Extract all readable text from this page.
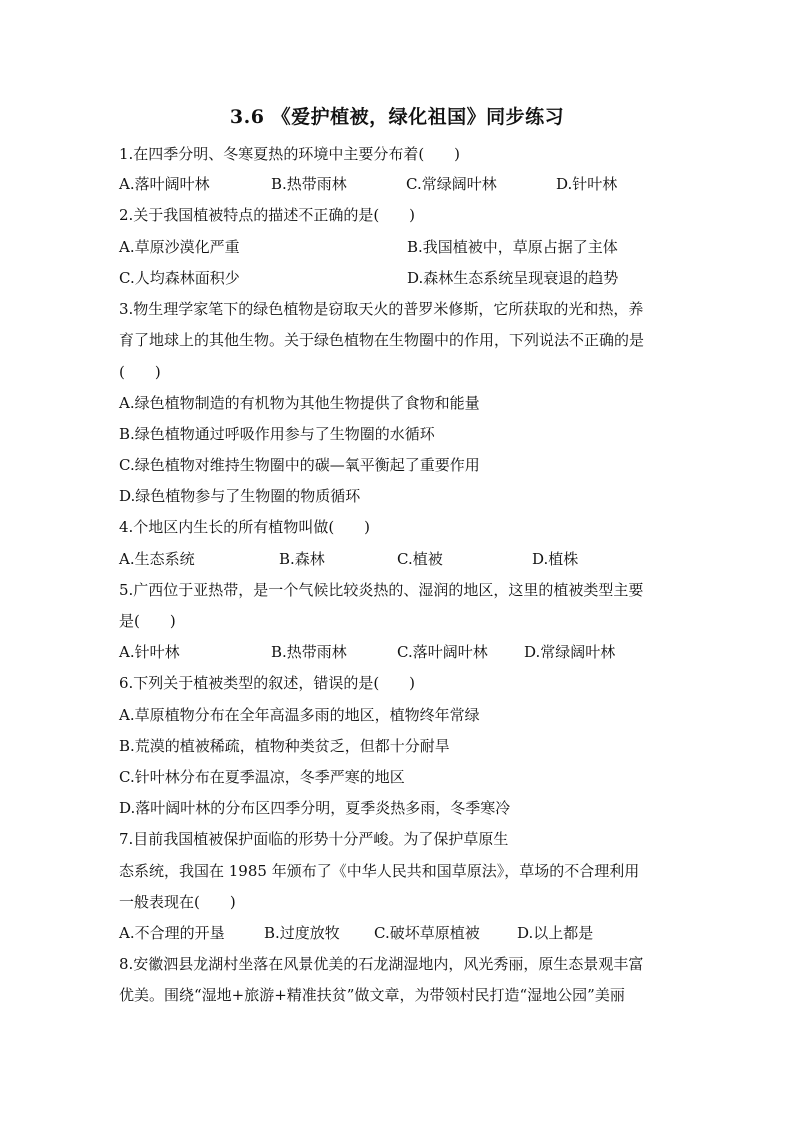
3.6 《爱护植被，绿化祖国》同步练习
1.在四季分明、冬寒夏热的环境中主要分布着(　　)
A.落叶阔叶林	B.热带雨林	C.常绿阔叶林	D.针叶林
2.关于我国植被特点的描述不正确的是(　　)
A.草原沙漠化严重	B.我国植被中，草原占据了主体
C.人均森林面积少	D.森林生态系统呈现衰退的趋势
3.物生理学家笔下的绿色植物是窃取天火的普罗米修斯，它所获取的光和热，养
育了地球上的其他生物。关于绿色植物在生物圈中的作用，下列说法不正确的是
(　　)
A.绿色植物制造的有机物为其他生物提供了食物和能量
B.绿色植物通过呼吸作用参与了生物圈的水循环
C.绿色植物对维持生物圈中的碳—氧平衡起了重要作用
D.绿色植物参与了生物圈的物质循环
4.个地区内生长的所有植物叫做(　　)
A.生态系统	B.森林	C.植被	D.植株
5.广西位于亚热带，是一个气候比较炎热的、湿润的地区，这里的植被类型主要
是(　　)
A.针叶林	B.热带雨林	C.落叶阔叶林 D.常绿阔叶林
6.下列关于植被类型的叙述，错误的是(　　)
A.草原植物分布在全年高温多雨的地区，植物终年常绿
B.荒漠的植被稀疏，植物种类贫乏，但都十分耐旱
C.针叶林分布在夏季温凉，冬季严寒的地区
D.落叶阔叶林的分布区四季分明，夏季炎热多雨，冬季寒冷
7.目前我国植被保护面临的形势十分严峻。为了保护草原生
态系统，我国在 1985 年颁布了《中华人民共和国草原法》，草场的不合理利用
一般表现在(　　)
A.不合理的开垦	B.过度放牧 C.破坏草原植被 D.以上都是
8.安徽泗县龙湖村坐落在风景优美的石龙湖湿地内，风光秀丽，原生态景观丰富
优美。围绕“湿地+旅游+精准扶贫”做文章，为带领村民打造“湿地公园”美丽
